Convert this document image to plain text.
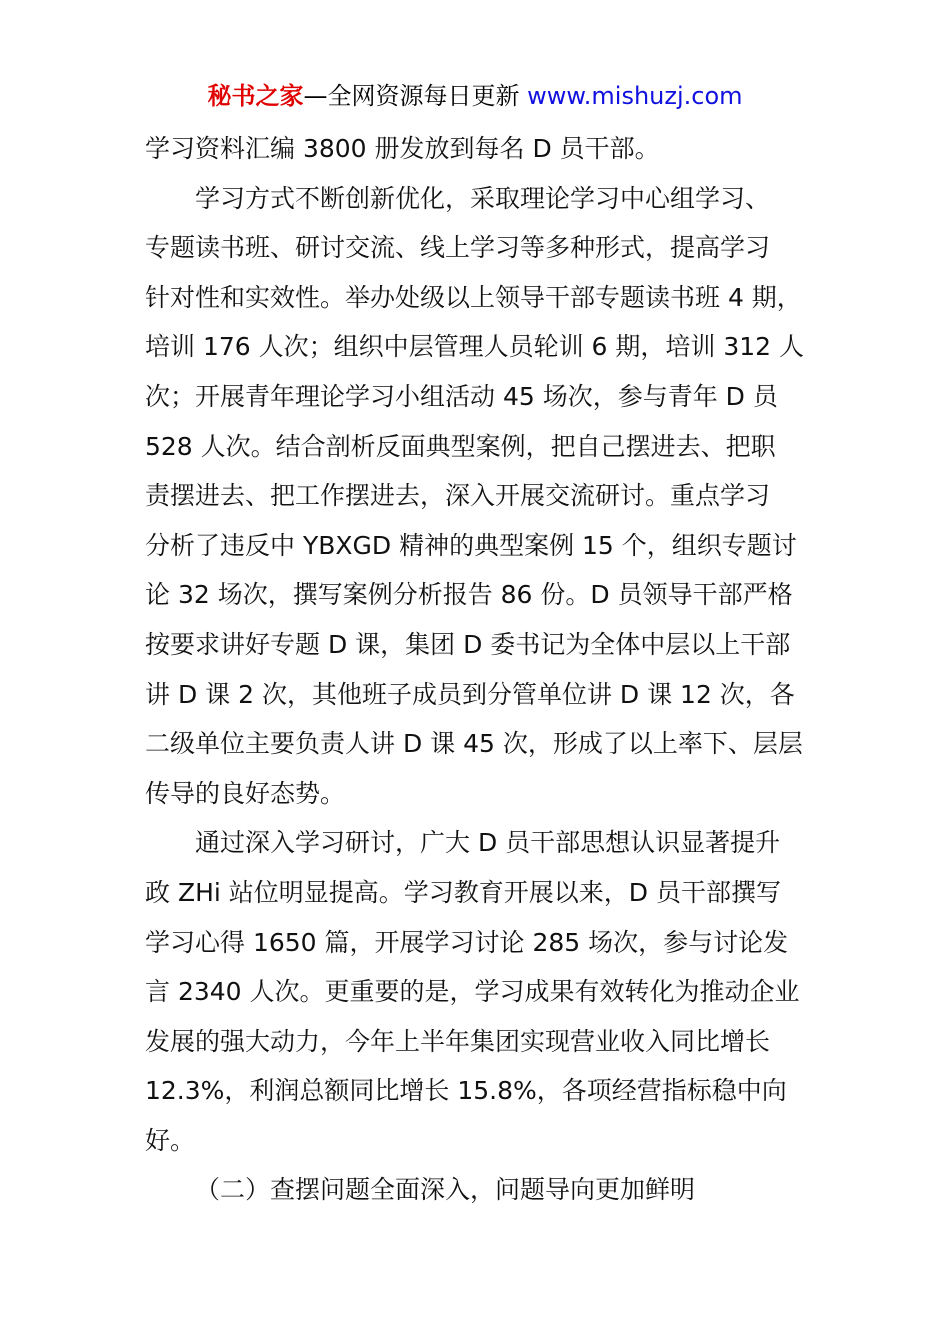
秘书之家—全网资源每日更新 www.mishuzj.com
学习资料汇编 3800 册发放到每名 D 员干部。
学习方式不断创新优化，采取理论学习中心组学习、
专题读书班、研讨交流、线上学习等多种形式，提高学习
针对性和实效性。举办处级以上领导干部专题读书班 4 期，
培训 176 人次；组织中层管理人员轮训 6 期，培训 312 人
次；开展青年理论学习小组活动 45 场次，参与青年 D 员
528 人次。结合剖析反面典型案例，把自己摆进去、把职
责摆进去、把工作摆进去，深入开展交流研讨。重点学习
分析了违反中 YBXGD 精神的典型案例 15 个，组织专题讨
论 32 场次，撰写案例分析报告 86 份。D 员领导干部严格
按要求讲好专题 D 课，集团 D 委书记为全体中层以上干部
讲 D 课 2 次，其他班子成员到分管单位讲 D 课 12 次，各
二级单位主要负责人讲 D 课 45 次，形成了以上率下、层层
传导的良好态势。
通过深入学习研讨，广大 D 员干部思想认识显著提升
政 ZHi 站位明显提高。学习教育开展以来，D 员干部撰写
学习心得 1650 篇，开展学习讨论 285 场次，参与讨论发
言 2340 人次。更重要的是，学习成果有效转化为推动企业
发展的强大动力，今年上半年集团实现营业收入同比增长
12.3%，利润总额同比增长 15.8%，各项经营指标稳中向
好。
（二）查摆问题全面深入，问题导向更加鲜明
